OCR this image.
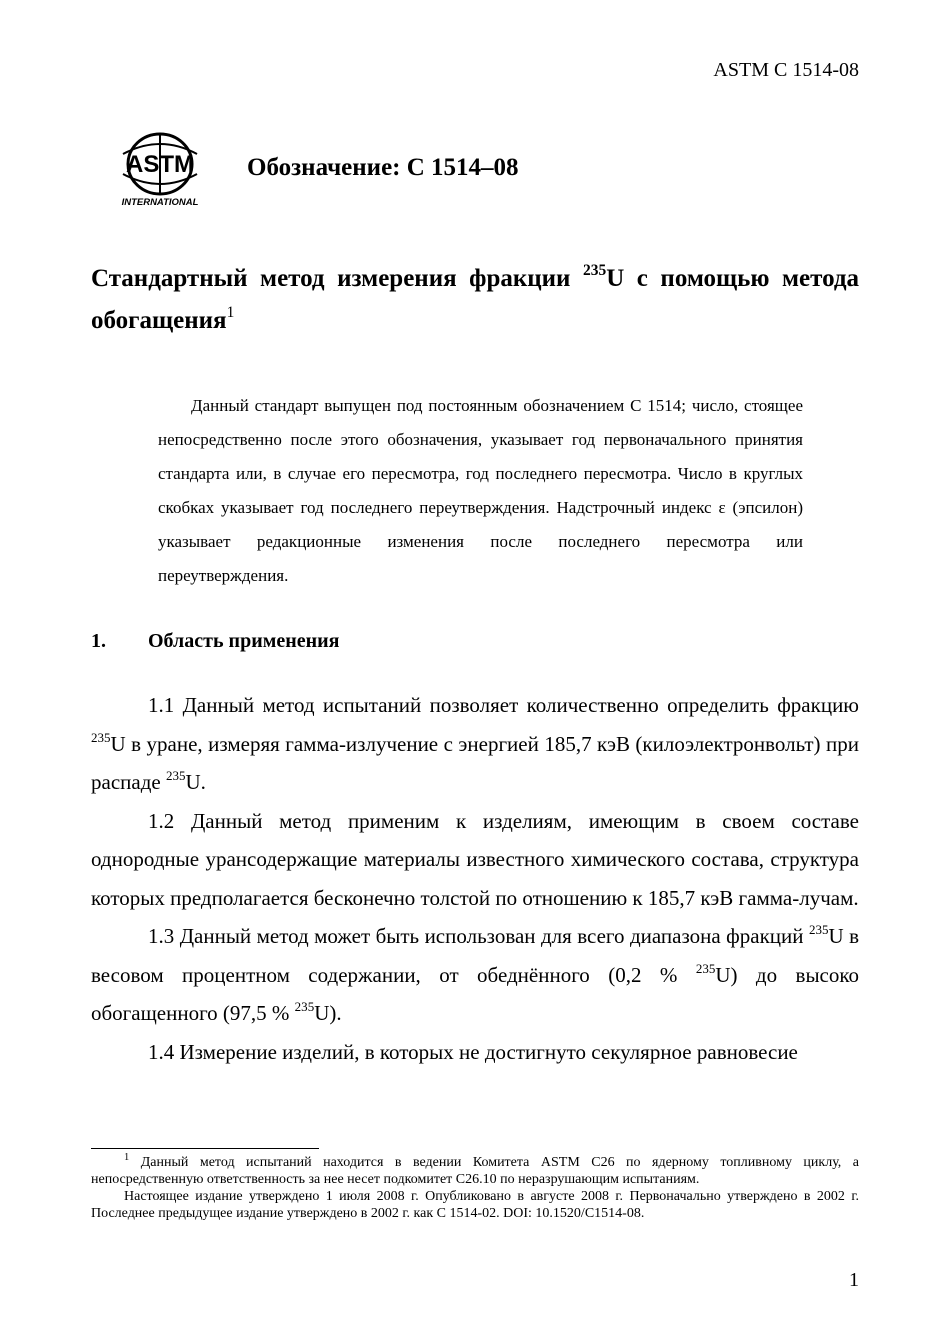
ASTM C 1514-08
ASTM
INTERNATIONAL
Обозначение: С 1514–08
Стандартный метод измерения фракции $^{235}$U с помощью метода обогащения$^1$
Данный стандарт выпущен под постоянным обозначением С 1514; число, стоящее непосредственно после этого обозначения, указывает год первоначального принятия стандарта или, в случае его пересмотра, год последнего пересмотра. Число в круглых скобках указывает год последнего переутверждения. Надстрочный индекс ε (эпсилон) указывает редакционные изменения после последнего пересмотра или переутверждения.
1. Область применения

1.1 Данный метод испытаний позволяет количественно определить фракцию $^{235}$U в уране, измеряя гамма-излучение с энергией 185,7 кэВ (килоэлектронвольт) при распаде $^{235}$U.

1.2 Данный метод применим к изделиям, имеющим в своем составе однородные урансодержащие материалы известного химического состава, структура которых предполагается бесконечно толстой по отношению к 185,7 кэВ гамма-лучам.

1.3 Данный метод может быть использован для всего диапазона фракций $^{235}$U в весовом процентном содержании, от обеднённого (0,2 % $^{235}$U) до высоко обогащенного (97,5 % $^{235}$U).

1.4 Измерение изделий, в которых не достигнуто секулярное равновесие

$^1$ Данный метод испытаний находится в ведении Комитета ASTM C26 по ядерному топливному циклу, а непосредственную ответственность за нее несет подкомитет C26.10 по неразрушающим испытаниям.

Настоящее издание утверждено 1 июля 2008 г. Опубликовано в августе 2008 г. Первоначально утверждено в 2002 г. Последнее предыдущее издание утверждено в 2002 г. как C 1514-02. DOI: 10.1520/C1514-08.

1
